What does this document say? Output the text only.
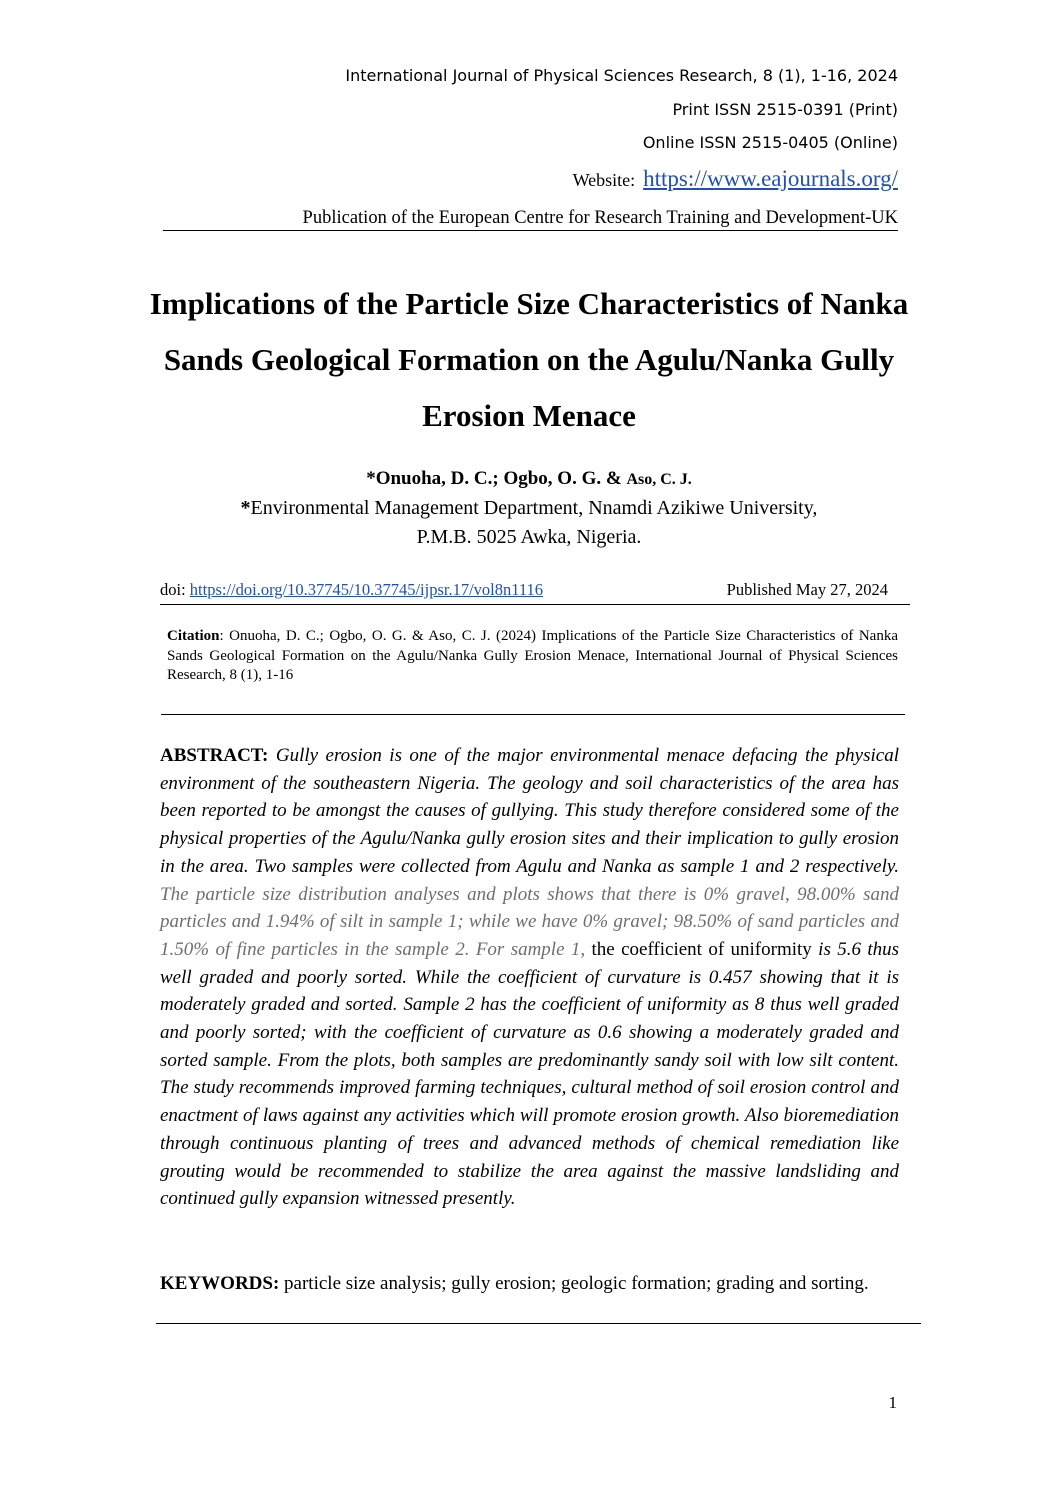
International Journal of Physical Sciences Research, 8 (1), 1-16, 2024
Print ISSN 2515-0391 (Print)
Online ISSN 2515-0405 (Online)
Website: https://www.eajournals.org/
Publication of the European Centre for Research Training and Development-UK
Implications of the Particle Size Characteristics of Nanka Sands Geological Formation on the Agulu/Nanka Gully Erosion Menace
*Onuoha, D. C.; Ogbo, O. G. & Aso, C. J.
*Environmental Management Department, Nnamdi Azikiwe University,
P.M.B. 5025 Awka, Nigeria.
doi: https://doi.org/10.37745/10.37745/ijpsr.17/vol8n1116	Published May 27, 2024
Citation: Onuoha, D. C.; Ogbo, O. G. & Aso, C. J. (2024) Implications of the Particle Size Characteristics of Nanka Sands Geological Formation on the Agulu/Nanka Gully Erosion Menace, International Journal of Physical Sciences Research, 8 (1), 1-16

ABSTRACT: Gully erosion is one of the major environmental menace defacing the physical environment of the southeastern Nigeria. The geology and soil characteristics of the area has been reported to be amongst the causes of gullying. This study therefore considered some of the physical properties of the Agulu/Nanka gully erosion sites and their implication to gully erosion in the area. Two samples were collected from Agulu and Nanka as sample 1 and 2 respectively. The particle size distribution analyses and plots shows that there is 0% gravel, 98.00% sand particles and 1.94% of silt in sample 1; while we have 0% gravel; 98.50% of sand particles and 1.50% of fine particles in the sample 2. For sample 1, the coefficient of uniformity is 5.6 thus well graded and poorly sorted. While the coefficient of curvature is 0.457 showing that it is moderately graded and sorted. Sample 2 has the coefficient of uniformity as 8 thus well graded and poorly sorted; with the coefficient of curvature as 0.6 showing a moderately graded and sorted sample. From the plots, both samples are predominantly sandy soil with low silt content. The study recommends improved farming techniques, cultural method of soil erosion control and enactment of laws against any activities which will promote erosion growth. Also bioremediation through continuous planting of trees and advanced methods of chemical remediation like grouting would be recommended to stabilize the area against the massive landsliding and continued gully expansion witnessed presently.

KEYWORDS: particle size analysis; gully erosion; geologic formation; grading and sorting.

1
